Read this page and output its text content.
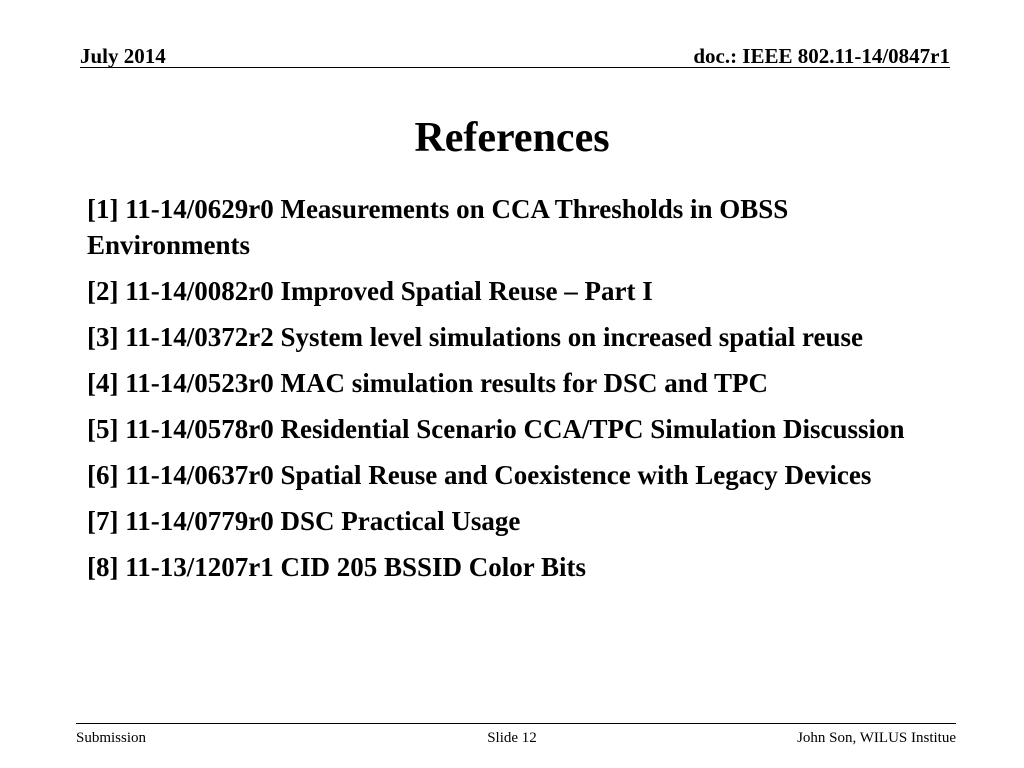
July 2014	doc.: IEEE 802.11-14/0847r1
References
[1] 11-14/0629r0 Measurements on CCA Thresholds in OBSS Environments
[2] 11-14/0082r0 Improved Spatial Reuse – Part I
[3] 11-14/0372r2 System level simulations on increased spatial reuse
[4] 11-14/0523r0 MAC simulation results for DSC and TPC
[5] 11-14/0578r0 Residential Scenario CCA/TPC Simulation Discussion
[6] 11-14/0637r0 Spatial Reuse and Coexistence with Legacy Devices
[7] 11-14/0779r0 DSC Practical Usage
[8] 11-13/1207r1 CID 205 BSSID Color Bits
Submission	Slide 12	John Son, WILUS Institue
